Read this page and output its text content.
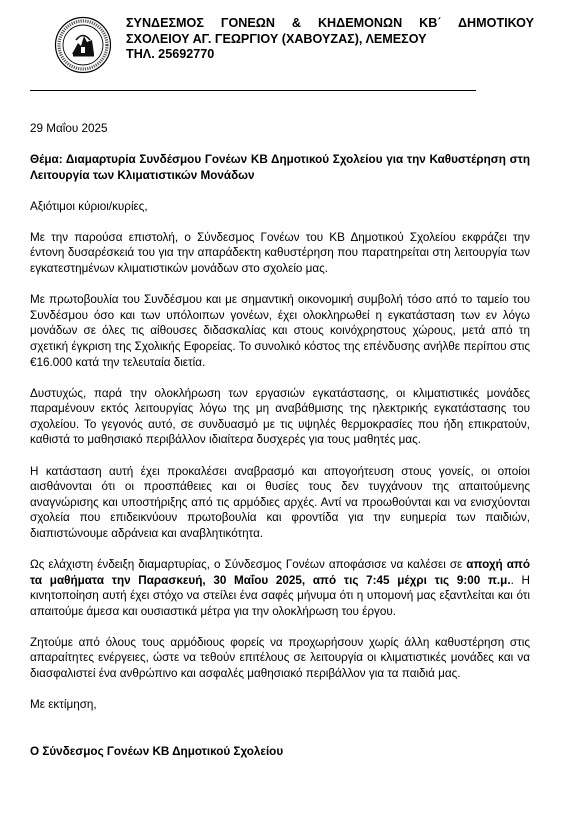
ΣΥΝΔΕΣΜΟΣ ΓΟΝΕΩΝ & ΚΗΔΕΜΟΝΩΝ ΚΒ΄ ΔΗΜΟΤΙΚΟΥ
ΣΧΟΛΕΙΟΥ ΑΓ. ΓΕΩΡΓΙΟΥ (ΧΑΒΟΥΖΑΣ), ΛΕΜΕΣΟΥ
ΤΗΛ. 25692770

29 Μαΐου 2025

Θέμα: Διαμαρτυρία Συνδέσμου Γονέων ΚΒ Δημοτικού Σχολείου για την Καθυστέρηση στη Λειτουργία των Κλιματιστικών Μονάδων

Αξιότιμοι κύριοι/κυρίες,

Με την παρούσα επιστολή, ο Σύνδεσμος Γονέων του ΚΒ Δημοτικού Σχολείου εκφράζει την έντονη δυσαρέσκειά του για την απαράδεκτη καθυστέρηση που παρατηρείται στη λειτουργία των εγκατεστημένων κλιματιστικών μονάδων στο σχολείο μας.

Με πρωτοβουλία του Συνδέσμου και με σημαντική οικονομική συμβολή τόσο από το ταμείο του Συνδέσμου όσο και των υπόλοιπων γονέων, έχει ολοκληρωθεί η εγκατάσταση των εν λόγω μονάδων σε όλες τις αίθουσες διδασκαλίας και στους κοινόχρηστους χώρους, μετά από τη σχετική έγκριση της Σχολικής Εφορείας. Το συνολικό κόστος της επένδυσης ανήλθε περίπου στις €16.000 κατά την τελευταία διετία.

Δυστυχώς, παρά την ολοκλήρωση των εργασιών εγκατάστασης, οι κλιματιστικές μονάδες παραμένουν εκτός λειτουργίας λόγω της μη αναβάθμισης της ηλεκτρικής εγκατάστασης του σχολείου. Το γεγονός αυτό, σε συνδυασμό με τις υψηλές θερμοκρασίες που ήδη επικρατούν, καθιστά το μαθησιακό περιβάλλον ιδιαίτερα δυσχερές για τους μαθητές μας.

Η κατάσταση αυτή έχει προκαλέσει αναβρασμό και απογοήτευση στους γονείς, οι οποίοι αισθάνονται ότι οι προσπάθειες και οι θυσίες τους δεν τυγχάνουν της απαιτούμενης αναγνώρισης και υποστήριξης από τις αρμόδιες αρχές. Αντί να προωθούνται και να ενισχύονται σχολεία που επιδεικνύουν πρωτοβουλία και φροντίδα για την ευημερία των παιδιών, διαπιστώνουμε αδράνεια και αναβλητικότητα.

Ως ελάχιστη ένδειξη διαμαρτυρίας, ο Σύνδεσμος Γονέων αποφάσισε να καλέσει σε αποχή από τα μαθήματα την Παρασκευή, 30 Μαΐου 2025, από τις 7:45 μέχρι τις 9:00 π.μ.. Η κινητοποίηση αυτή έχει στόχο να στείλει ένα σαφές μήνυμα ότι η υπομονή μας εξαντλείται και ότι απαιτούμε άμεσα και ουσιαστικά μέτρα για την ολοκλήρωση του έργου.

Ζητούμε από όλους τους αρμόδιους φορείς να προχωρήσουν χωρίς άλλη καθυστέρηση στις απαραίτητες ενέργειες, ώστε να τεθούν επιτέλους σε λειτουργία οι κλιματιστικές μονάδες και να διασφαλιστεί ένα ανθρώπινο και ασφαλές μαθησιακό περιβάλλον για τα παιδιά μας.

Με εκτίμηση,

Ο Σύνδεσμος Γονέων ΚΒ Δημοτικού Σχολείου
